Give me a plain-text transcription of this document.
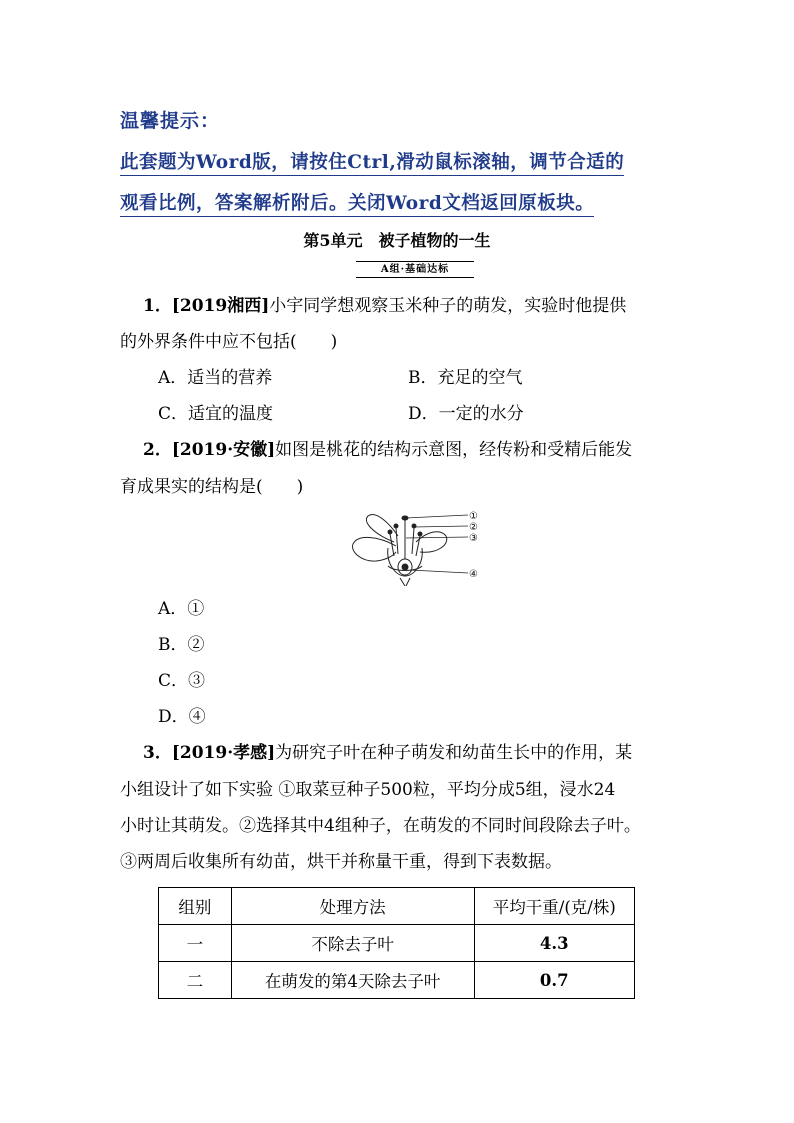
温馨提示：
此套题为Word版，请按住Ctrl,滑动鼠标滚轴，调节合适的
观看比例，答案解析附后。关闭Word文档返回原板块。
第5单元　被子植物的一生
A组·基础达标
1．[2019湘西]小宇同学想观察玉米种子的萌发，实验时他提供
的外界条件中应不包括(　　)
A．适当的营养	B．充足的空气
C．适宜的温度	D．一定的水分
2．[2019·安徽]如图是桃花的结构示意图，经传粉和受精后能发
育成果实的结构是(　　)
①
②
③
④
A．①
B．②
C．③
D．④
3．[2019·孝感]为研究子叶在种子萌发和幼苗生长中的作用，某
小组设计了如下实验 ①取菜豆种子500粒，平均分成5组，浸水24
小时让其萌发。②选择其中4组种子，在萌发的不同时间段除去子叶。
③两周后收集所有幼苗，烘干并称量干重，得到下表数据。
组别	处理方法	平均干重/(克/株)
一	不除去子叶	4.3
二	在萌发的第4天除去子叶	0.7
